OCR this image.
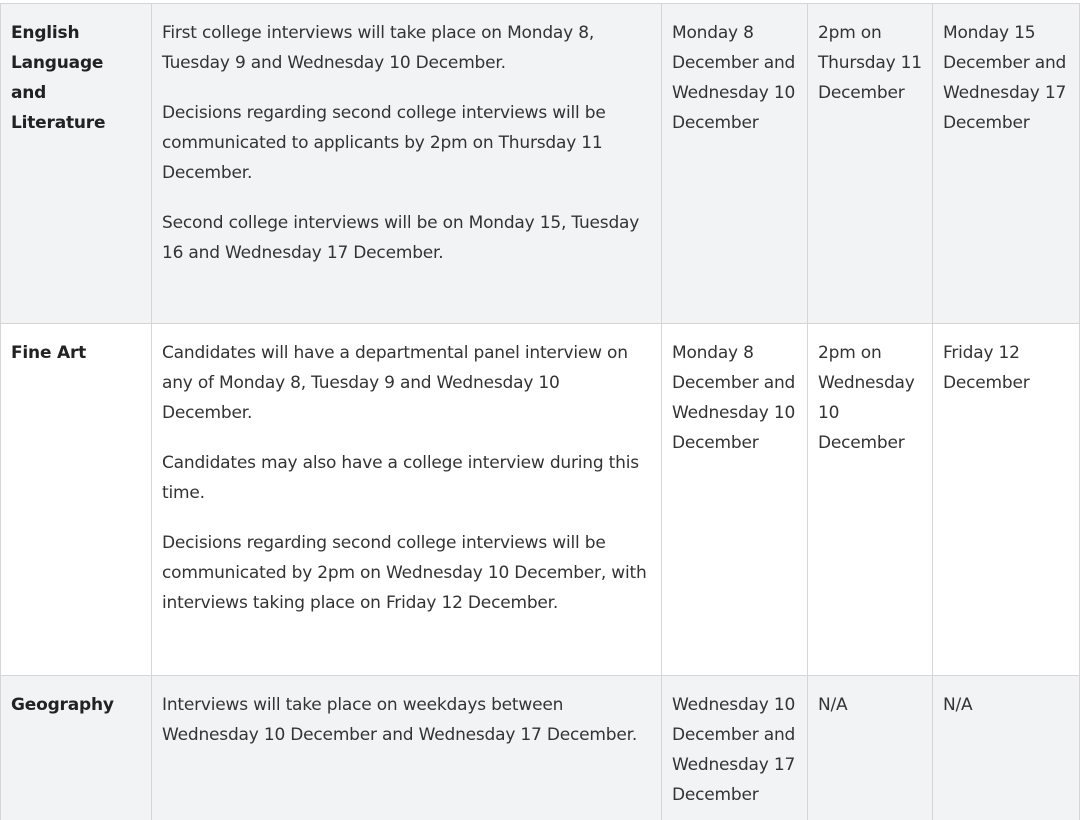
English Language and Literature	First college interviews will take place on Monday 8, Tuesday 9 and Wednesday 10 December.

Decisions regarding second college interviews will be communicated to applicants by 2pm on Thursday 11 December.

Second college interviews will be on Monday 15, Tuesday 16 and Wednesday 17 December.	Monday 8 December and Wednesday 10 December	2pm on Thursday 11 December	Monday 15 December and Wednesday 17 December
Fine Art	Candidates will have a departmental panel interview on any of Monday 8, Tuesday 9 and Wednesday 10 December.

Candidates may also have a college interview during this time.

Decisions regarding second college interviews will be communicated by 2pm on Wednesday 10 December, with interviews taking place on Friday 12 December.	Monday 8 December and Wednesday 10 December	2pm on Wednesday 10 December	Friday 12 December
Geography	Interviews will take place on weekdays between Wednesday 10 December and Wednesday 17 December.	Wednesday 10 December and Wednesday 17 December	N/A	N/A
